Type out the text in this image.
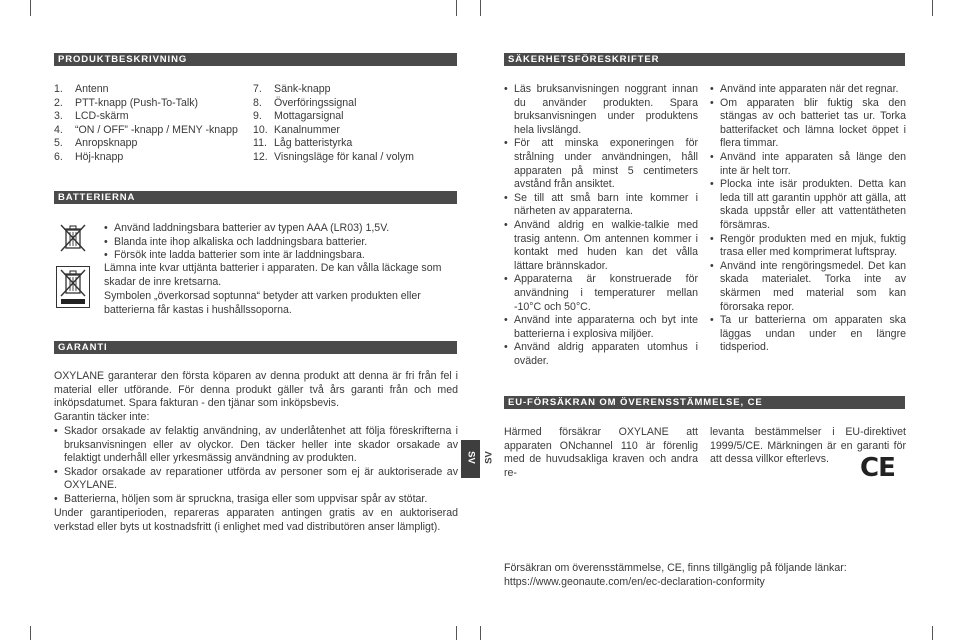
PRODUKTBESKRIVNING
1.	Antenn
2.	PTT-knapp (Push-To-Talk)
3.	LCD-skärm
4.	“ON / OFF” -knapp / MENY -knapp
5.	Anropsknapp
6.	Höj-knapp
7.	Sänk-knapp
8.	Överföringssignal
9.	Mottagarsignal
10. Kanalnummer
11. Låg batteristyrka
12. Visningsläge för kanal / volym
BATTERIERNA
• Använd laddningsbara batterier av typen AAA (LR03) 1,5V.
• Blanda inte ihop alkaliska och laddningsbara batterier.
• Försök inte ladda batterier som inte är laddningsbara.
Lämna inte kvar uttjänta batterier i apparaten. De kan vålla läckage som skadar de inre kretsarna.
Symbolen „överkorsad soptunna“ betyder att varken produkten eller batterierna får kastas i hushållssoporna.
GARANTI
OXYLANE garanterar den första köparen av denna produkt att denna är fri från fel i material eller utförande. För denna produkt gäller två års garanti från och med inköpsdatumet. Spara fakturan - den tjänar som inköpsbevis.
Garantin täcker inte:
• Skador orsakade av felaktig användning, av underlåtenhet att följa föreskrifterna i bruksanvisningen eller av olyckor. Den täcker heller inte skador orsakade av felaktigt underhåll eller yrkesmässig användning av produkten.
• Skador orsakade av reparationer utförda av personer som ej är auktoriserade av OXYLANE.
• Batterierna, höljen som är spruckna, trasiga eller som uppvisar spår av stötar.
Under garantiperioden, repareras apparaten antingen gratis av en auktoriserad verkstad eller byts ut kostnadsfritt (i enlighet med vad distributören anser lämpligt).
SV SV
SÄKERHETSFÖRESKRIFTER
• Läs bruksanvisningen noggrant innan du använder produkten. Spara bruksanvisningen under produktens hela livslängd.
• För att minska exponeringen för strålning under användningen, håll apparaten på minst 5 centimeters avstånd från ansiktet.
• Se till att små barn inte kommer i närheten av apparaterna.
• Använd aldrig en walkie-talkie med trasig antenn. Om antennen kommer i kontakt med huden kan det vålla lättare brännskador.
• Apparaterna är konstruerade för användning i temperaturer mellan -10°C och 50°C.
• Använd inte apparaterna och byt inte batterierna i explosiva miljöer.
• Använd aldrig apparaten utomhus i oväder.
• Använd inte apparaten när det regnar.
• Om apparaten blir fuktig ska den stängas av och batteriet tas ur. Torka batterifacket och lämna locket öppet i flera timmar.
• Använd inte apparaten så länge den inte är helt torr.
• Plocka inte isär produkten. Detta kan leda till att garantin upphör att gälla, att skada uppstår eller att vattentätheten försämras.
• Rengör produkten med en mjuk, fuktig trasa eller med komprimerat luftspray.
• Använd inte rengöringsmedel. Det kan skada materialet. Torka inte av skärmen med material som kan förorsaka repor.
• Ta ur batterierna om apparaten ska läggas undan under en längre tidsperiod.
EU-FÖRSÄKRAN OM ÖVERENSSTÄMMELSE, CE
Härmed försäkrar OXYLANE att apparaten ONchannel 110 är förenlig med de huvudsakliga kraven och andra re-
levanta bestämmelser i EU-direktivet 1999/5/CE. Märkningen är en garanti för att dessa villkor efterlevs.	CE
Försäkran om överensstämmelse, CE, finns tillgänglig på följande länkar:
https://www.geonaute.com/en/ec-declaration-conformity
